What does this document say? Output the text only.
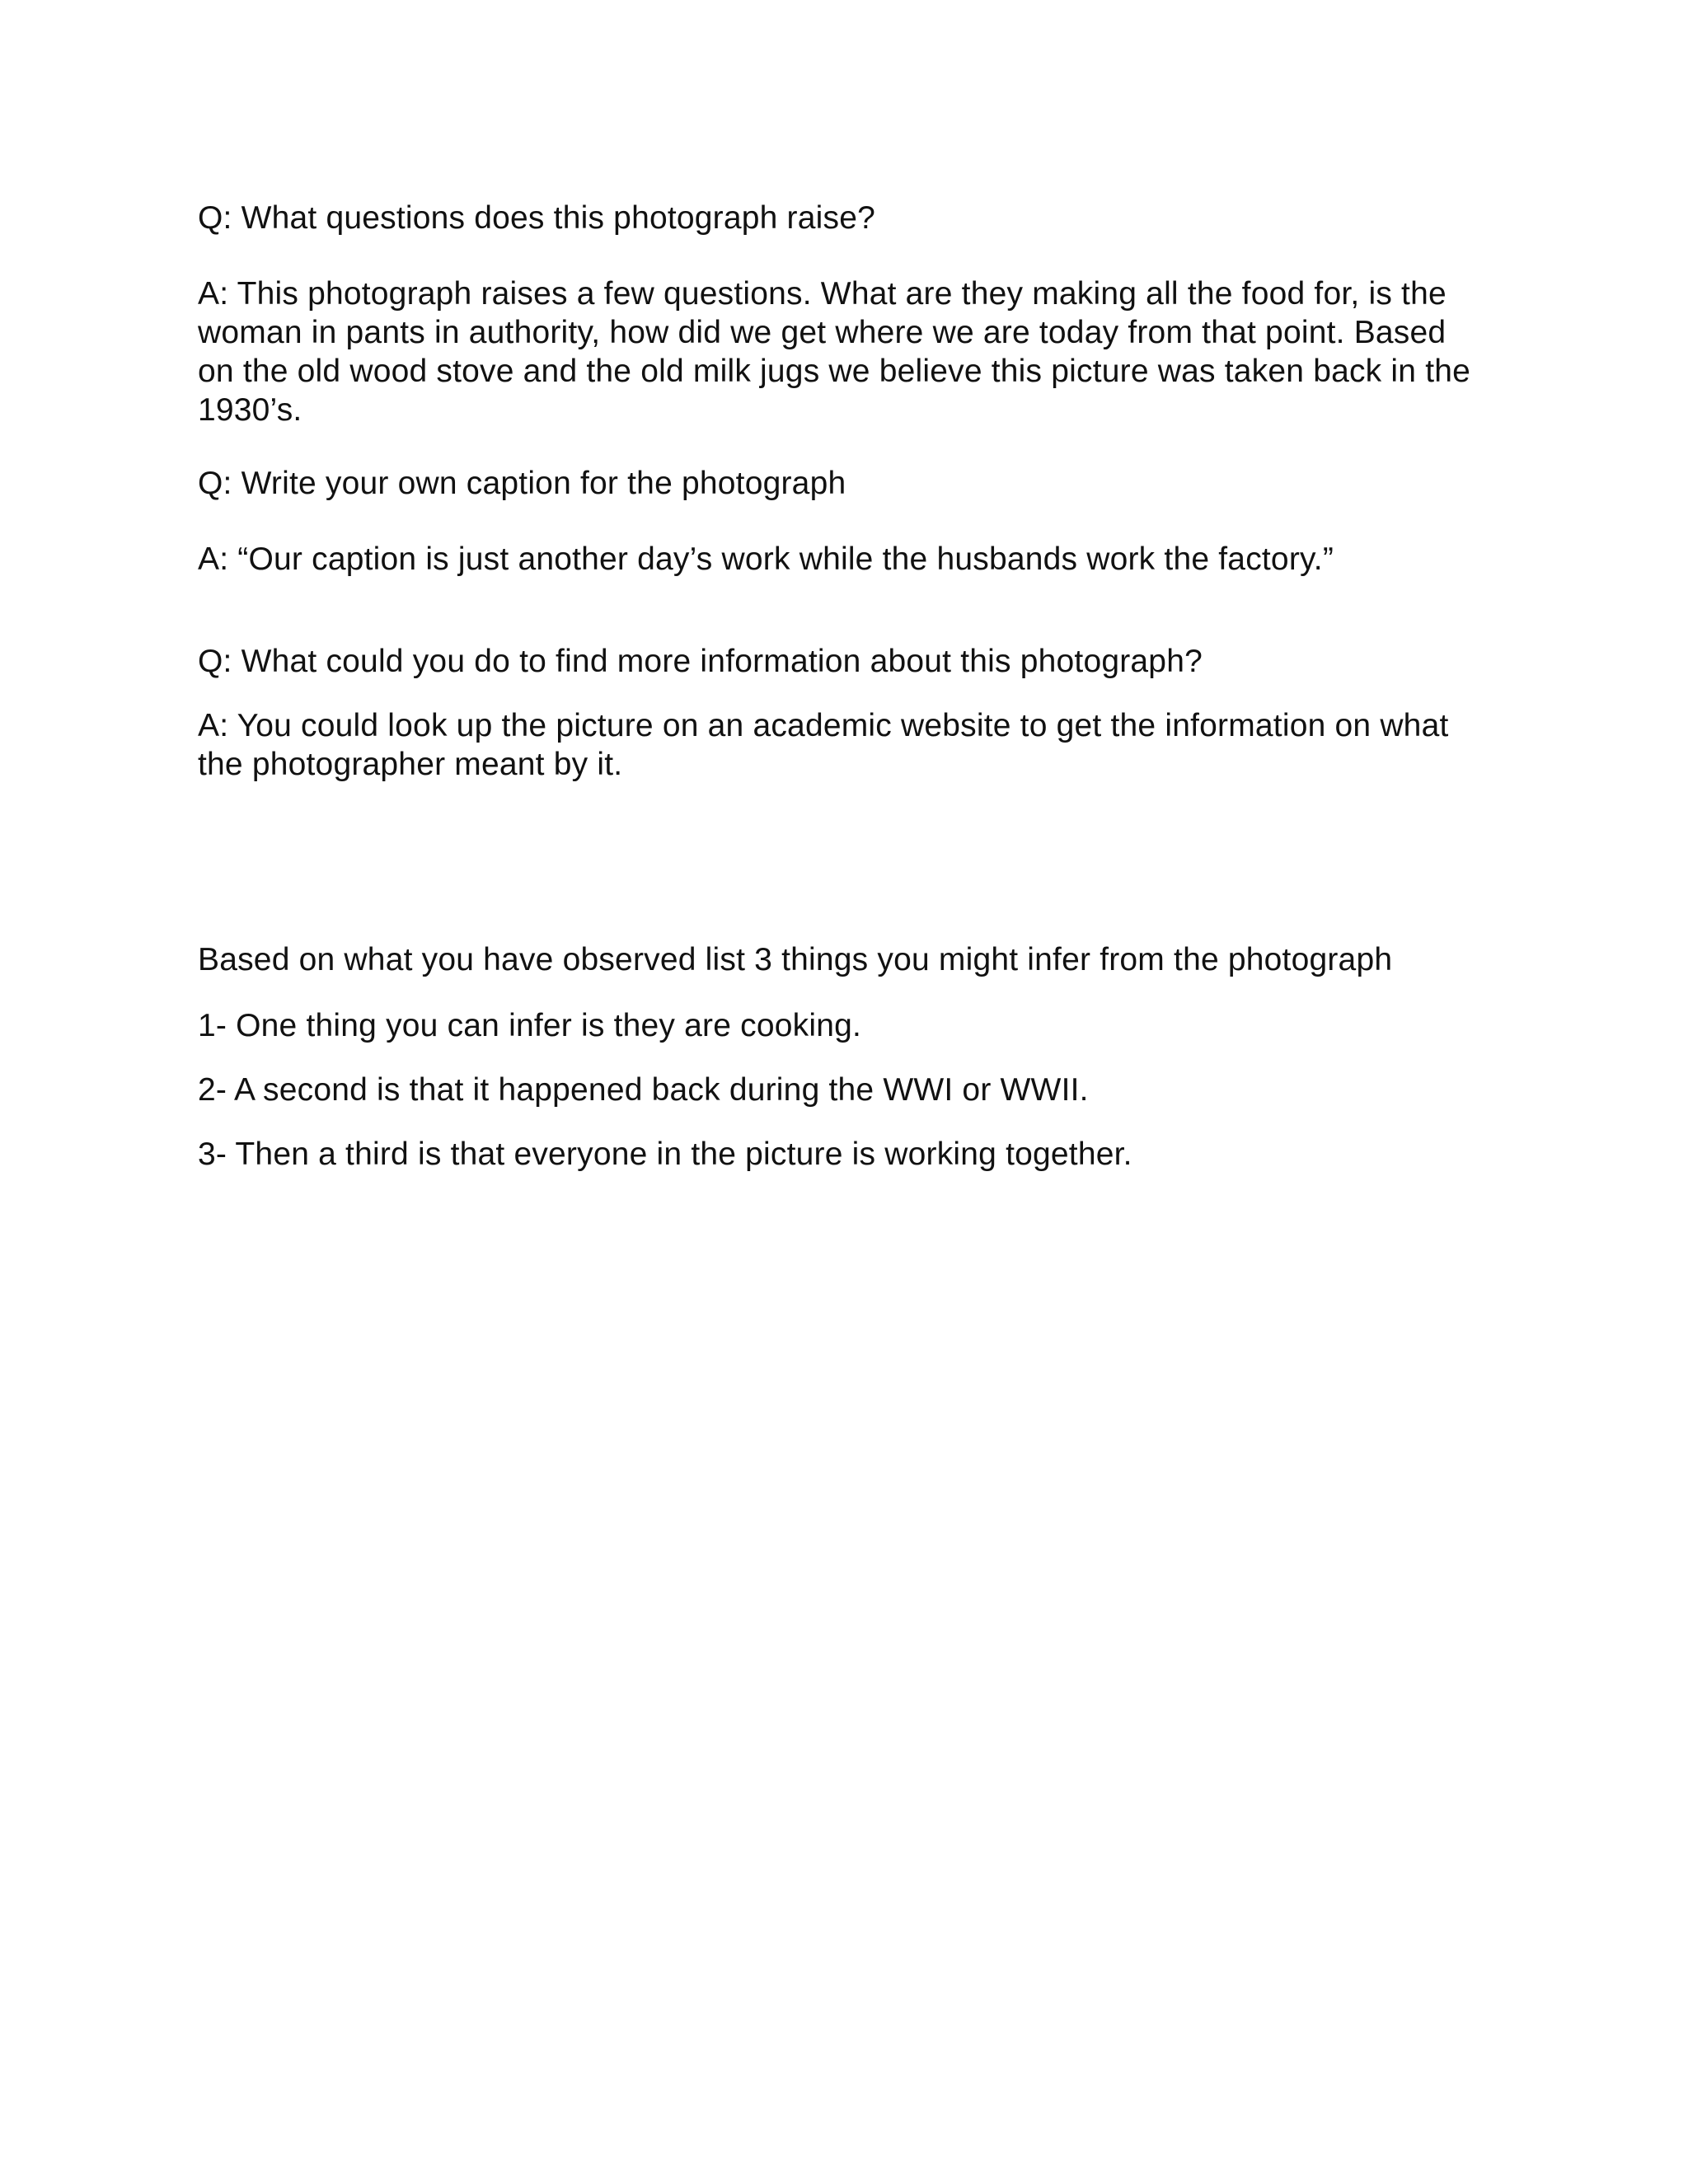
Q: What questions does this photograph raise?
A: This photograph raises a few questions. What are they making all the food for, is the woman in pants in authority, how did we get where we are today from that point. Based on the old wood stove and the old milk jugs we believe this picture was taken back in the 1930’s.
Q: Write your own caption for the photograph
A: “Our caption is just another day’s work while the husbands work the factory.”
Q: What could you do to find more information about this photograph?
A: You could look up the picture on an academic website to get the information on what the photographer meant by it.
Based on what you have observed list 3 things you might infer from the photograph
1- One thing you can infer is they are cooking.
2- A second is that it happened back during the WWI or WWII.
3- Then a third is that everyone in the picture is working together.
